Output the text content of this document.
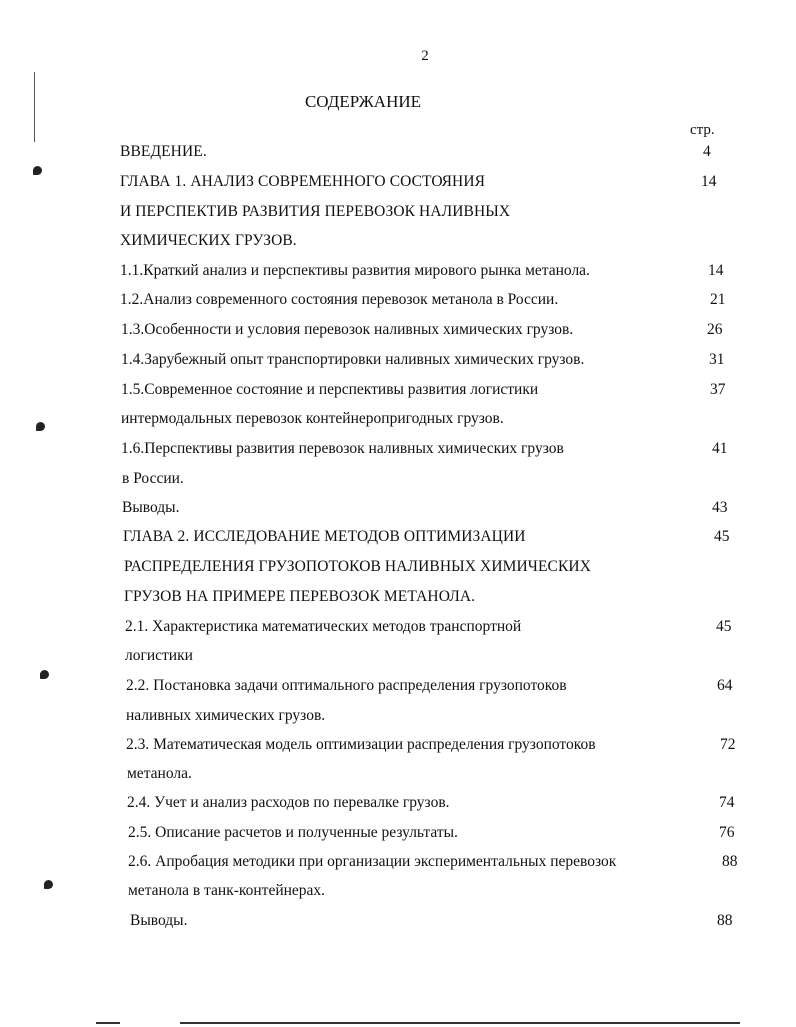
2
СОДЕРЖАНИЕ
стр.
ВВЕДЕНИЕ.	4
ГЛАВА 1. АНАЛИЗ СОВРЕМЕННОГО СОСТОЯНИЯ	14
И ПЕРСПЕКТИВ РАЗВИТИЯ ПЕРЕВОЗОК НАЛИВНЫХ
ХИМИЧЕСКИХ ГРУЗОВ.
1.1.Краткий анализ и перспективы развития мирового рынка метанола.	14
1.2.Анализ современного состояния перевозок метанола в России.	21
1.3.Особенности и условия перевозок наливных химических грузов.	26
1.4.Зарубежный опыт транспортировки наливных химических грузов.	31
1.5.Современное состояние и перспективы развития логистики	37
интермодальных перевозок контейнеропригодных грузов.
1.6.Перспективы развития перевозок наливных химических грузов	41
в России.
Выводы.	43
ГЛАВА 2. ИССЛЕДОВАНИЕ МЕТОДОВ ОПТИМИЗАЦИИ	45
РАСПРЕДЕЛЕНИЯ ГРУЗОПОТОКОВ НАЛИВНЫХ ХИМИЧЕСКИХ
ГРУЗОВ НА ПРИМЕРЕ ПЕРЕВОЗОК МЕТАНОЛА.
2.1. Характеристика математических методов транспортной	45
логистики
2.2. Постановка задачи оптимального распределения грузопотоков	64
наливных химических грузов.
2.3. Математическая модель оптимизации распределения грузопотоков	72
метанола.
2.4. Учет и анализ расходов по перевалке грузов.	74
2.5. Описание расчетов и полученные результаты.	76
2.6. Апробация методики при организации экспериментальных перевозок	88
метанола в танк-контейнерах.
Выводы.	88
